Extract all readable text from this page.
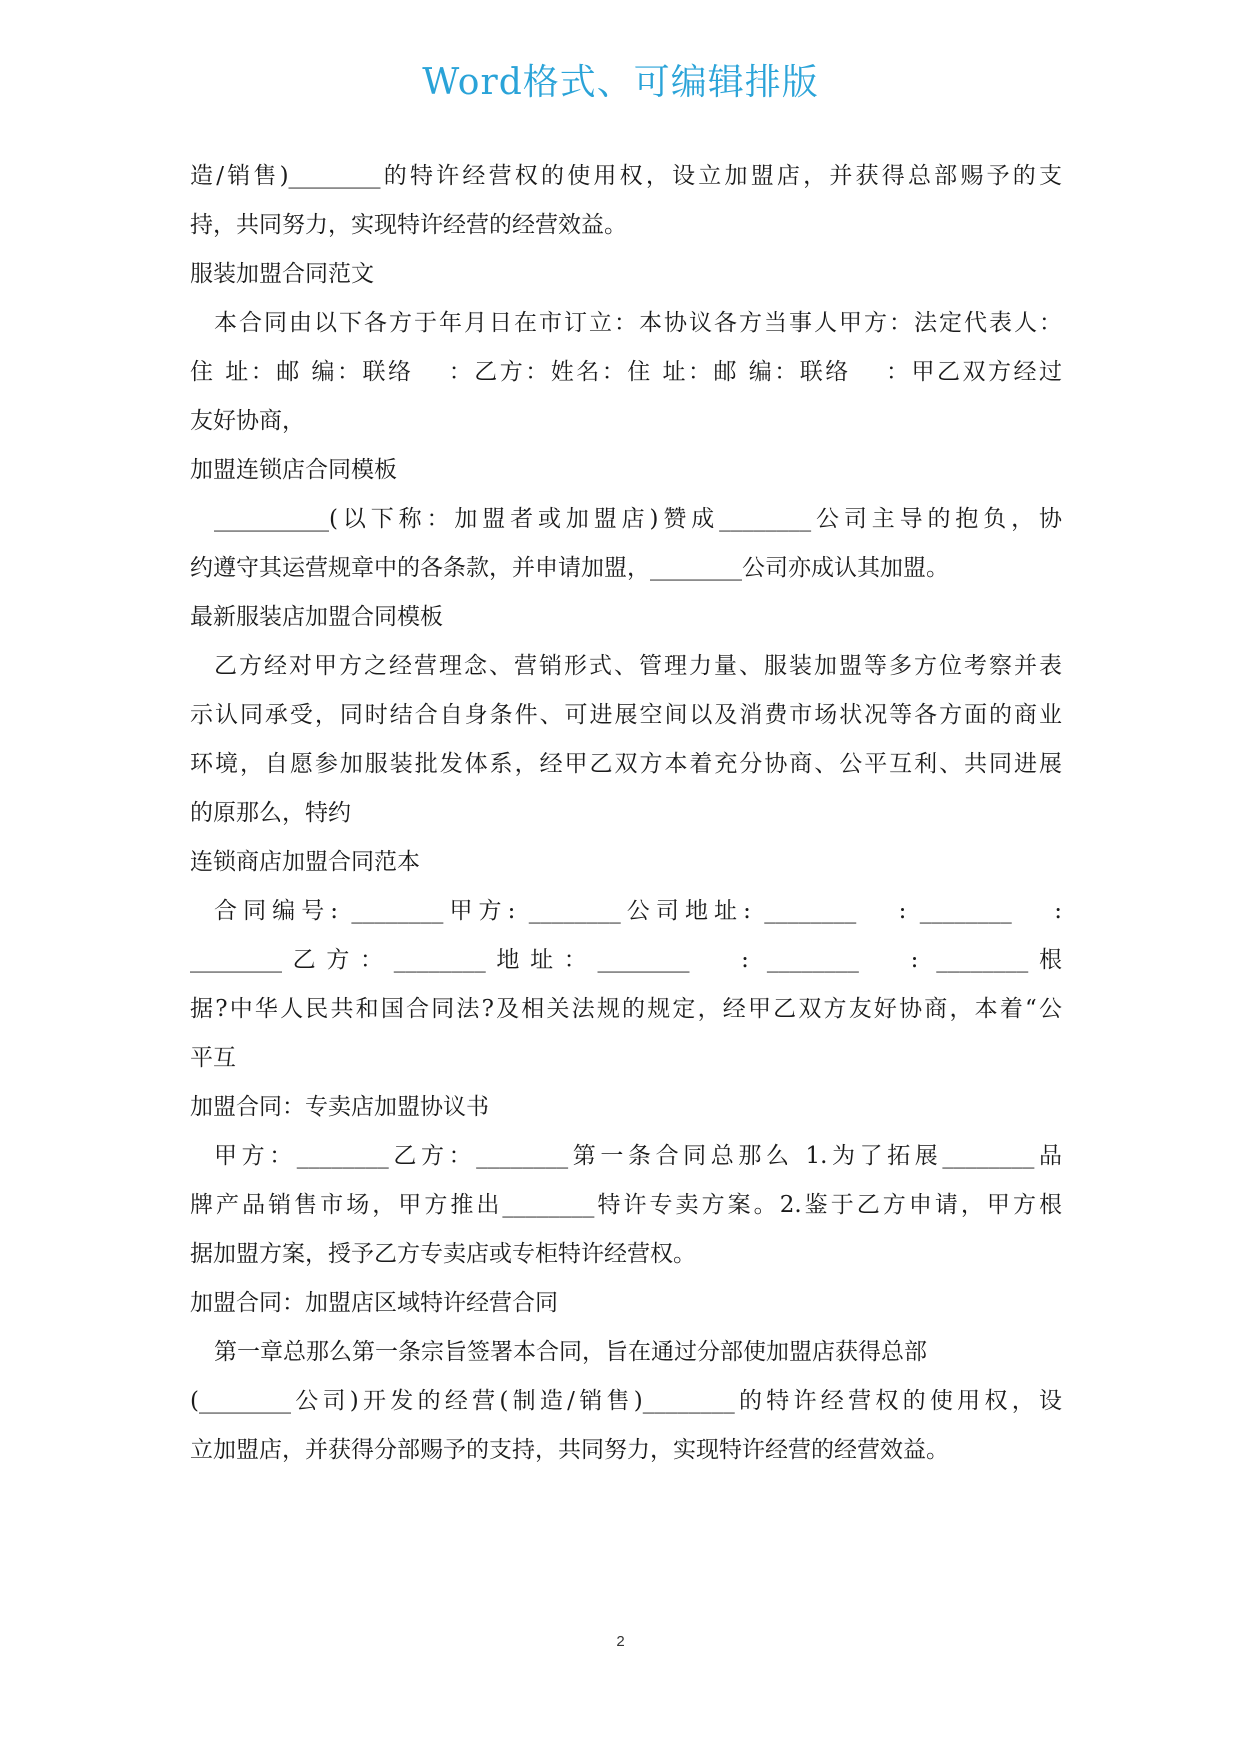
Word格式、可编辑排版
造/销售)________的特许经营权的使用权，设立加盟店，并获得总部赐予的支
持，共同努力，实现特许经营的经营效益。
服装加盟合同范文
本合同由以下各方于年月日在市订立：本协议各方当事人甲方：法定代表人：
住 址：邮 编：联络 　：乙方：姓名：住 址：邮 编：联络 　：甲乙双方经过
友好协商，
加盟连锁店合同模板
__________(以下称：加盟者或加盟店)赞成________公司主导的抱负，协
约遵守其运营规章中的各条款，并申请加盟，________公司亦成认其加盟。
最新服装店加盟合同模板
乙方经对甲方之经营理念、营销形式、管理力量、服装加盟等多方位考察并表
示认同承受，同时结合自身条件、可进展空间以及消费市场状况等各方面的商业
环境，自愿参加服装批发体系，经甲乙双方本着充分协商、公平互利、共同进展
的原那么，特约
连锁商店加盟合同范本
合同编号: ________甲方: ________公司地址: ________ 　: ________ 　:
________乙方：________地址：________ 　: ________ 　: ________根
据?中华人民共和国合同法?及相关法规的规定，经甲乙双方友好协商，本着“公
平互
加盟合同：专卖店加盟协议书
甲方：________乙方：________第一条合同总那么 1.为了拓展________品
牌产品销售市场，甲方推出________特许专卖方案。2.鉴于乙方申请，甲方根
据加盟方案，授予乙方专卖店或专柜特许经营权。
加盟合同：加盟店区域特许经营合同
第一章总那么第一条宗旨签署本合同，旨在通过分部使加盟店获得总部
(________公司)开发的经营(制造/销售)________的特许经营权的使用权，设
立加盟店，并获得分部赐予的支持，共同努力，实现特许经营的经营效益。
2
